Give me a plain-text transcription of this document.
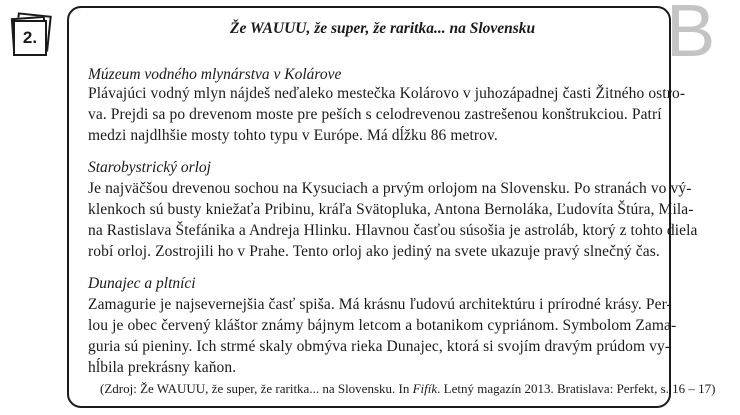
B
2.	Že WAUUU, že super, že raritka... na Slovensku
Múzeum vodného mlynárstva v Kolárove
Plávajúci vodný mlyn nájdeš neďaleko mestečka Kolárovo v juhozápadnej časti Žitného ostro-
va. Prejdi sa po drevenom moste pre peších s celodrevenou zastrešenou konštrukciou. Patrí
medzi najdlhšie mosty tohto typu v Európe. Má dĺžku 86 metrov.
Starobystrický orloj
Je najväčšou drevenou sochou na Kysuciach a prvým orlojom na Slovensku. Po stranách vo vý-
klenkoch sú busty kniežaťa Pribinu, kráľa Svätopluka, Antona Bernoláka, Ľudovíta Štúra, Mila-
na Rastislava Štefánika a Andreja Hlinku. Hlavnou časťou súsošia je astroláb, ktorý z tohto diela
robí orloj. Zostrojili ho v Prahe. Tento orloj ako jediný na svete ukazuje pravý slnečný čas.
Dunajec a pltníci
Zamagurie je najsevernejšia časť spiša. Má krásnu ľudovú architektúru i prírodné krásy. Per-
lou je obec červený kláštor známy bájnym letcom a botanikom cypriánom. Symbolom Zama-
guria sú pieniny. Ich strmé skaly obmýva rieka Dunajec, ktorá si svojím dravým prúdom vy-
hĺbila prekrásny kaňon.
(Zdroj: Že WAUUU, že super, že raritka... na Slovensku. In Fifík. Letný magazín 2013. Bratislava: Perfekt, s. 16 – 17)
